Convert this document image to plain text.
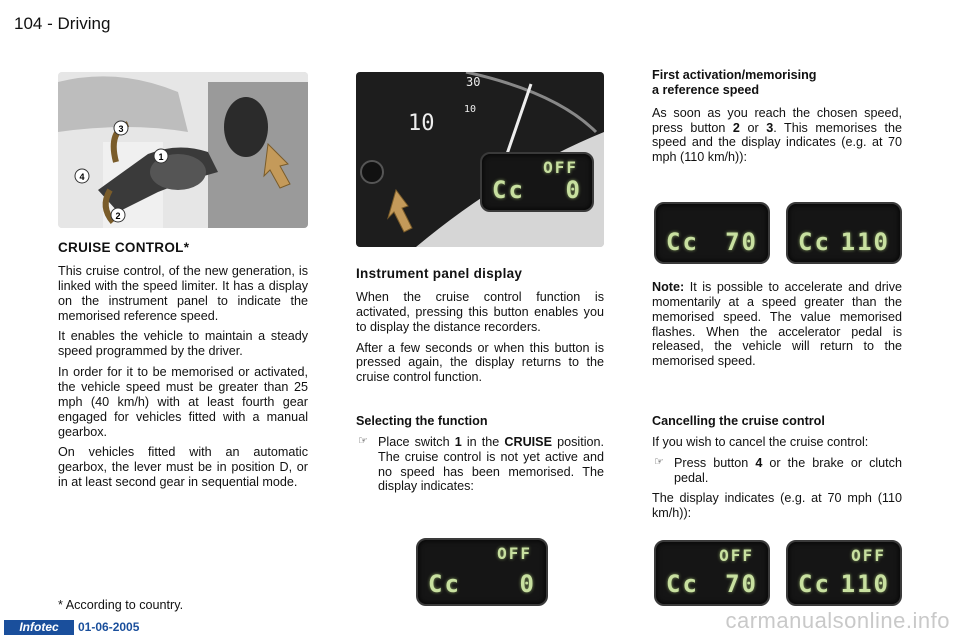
104 - Driving
3
1
4
2
30
10
10
OFF
Cc 0
CRUISE CONTROL*

This cruise control, of the new generation, is linked with the speed limiter. It has a display on the instrument panel to indicate the memorised reference speed.

It enables the vehicle to maintain a steady speed programmed by the driver.

In order for it to be memorised or activated, the vehicle speed must be greater than 25 mph (40 km/h) with at least fourth gear engaged for vehicles fitted with a manual gearbox.

On vehicles fitted with an automatic gearbox, the lever must be in position D, or in at least second gear in sequential mode.

* According to country.
Instrument panel display

When the cruise control function is activated, pressing this button enables you to display the distance recorders.

After a few seconds or when this button is pressed again, the display returns to the cruise control function.

Selecting the function
☞ Place switch 1 in the CRUISE position. The cruise control is not yet active and no speed has been memorised. The display indicates:
OFF
Cc 0
First activation/memorising
a reference speed

As soon as you reach the chosen speed, press button 2 or 3. This memorises the speed and the display indicates (e.g. at 70 mph (110 km/h)):

Cc 70 Cc 110

Note: It is possible to accelerate and drive momentarily at a speed greater than the memorised speed. The value memorised flashes. When the accelerator pedal is released, the vehicle will return to the memorised speed.

Cancelling the cruise control

If you wish to cancel the cruise control:

☞ Press button 4 or the brake or clutch pedal.

The display indicates (e.g. at 70 mph (110 km/h)):

OFF
Cc 70
OFF
Cc 110
Infotec	01-06-2005	carmanualsonline.info
